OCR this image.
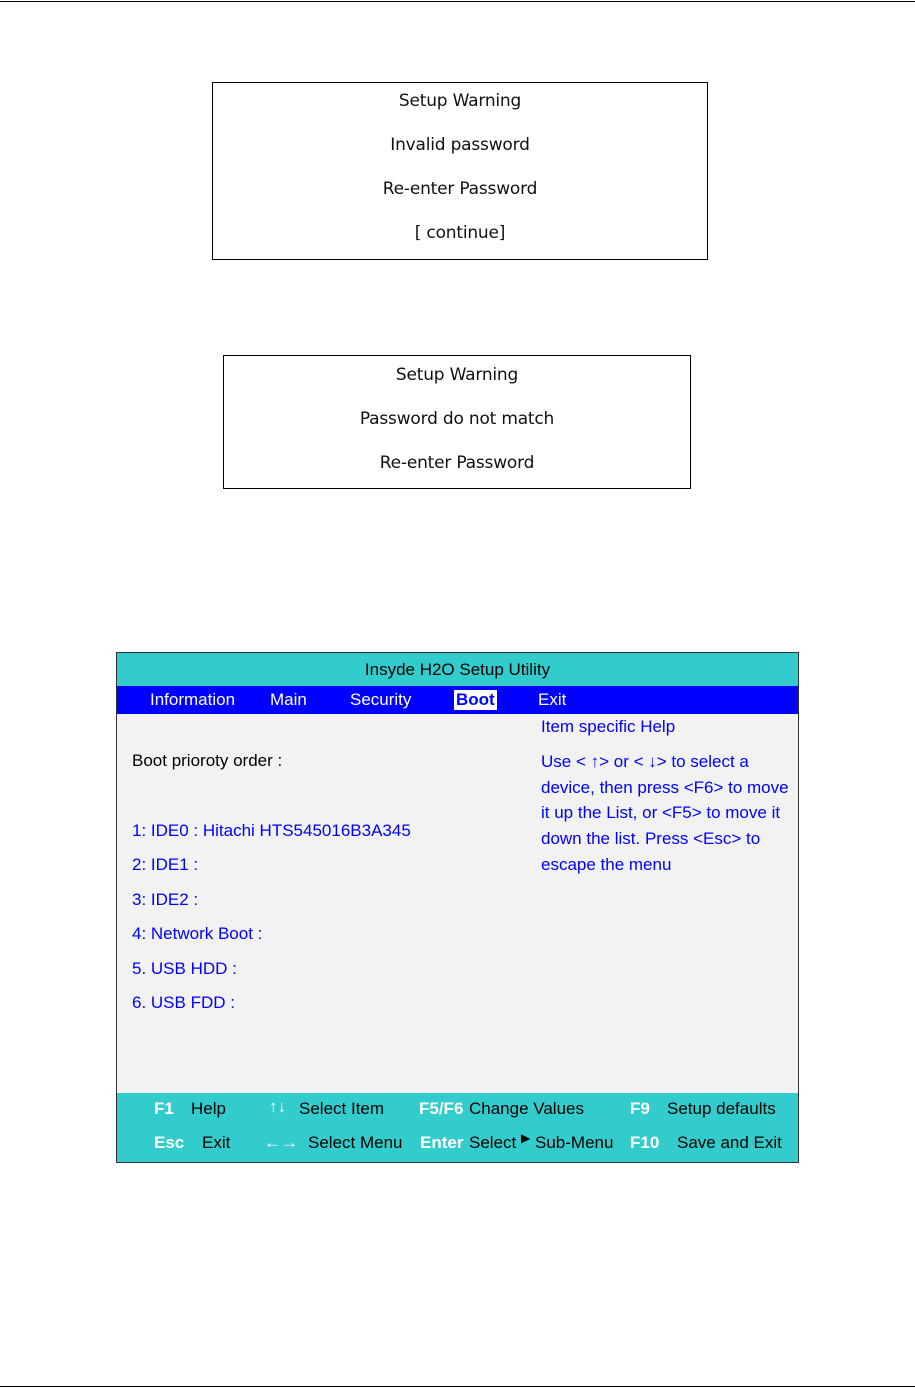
Setup Warning
Invalid password
Re-enter Password
[ continue]
Setup Warning
Password do not match
Re-enter Password
Insyde H2O Setup Utility
Information Main	Security	Boot	Exit
Boot prioroty order :
1: IDE0 : Hitachi HTS545016B3A345
2: IDE1 :
3: IDE2 :
4: Network Boot :
5. USB HDD :
6. USB FDD :
Item specific Help
Use < ↑> or < ↓> to select a
device, then press <F6> to move
it up the List, or <F5> to move it
down the list. Press <Esc> to
escape the menu
F1 Help	↑↓ Select Item F5/F6 Change Values	F9 Setup defaults
Esc Exit ←→ Select Menu Enter Select ▶ Sub-Menu F10 Save and Exit
